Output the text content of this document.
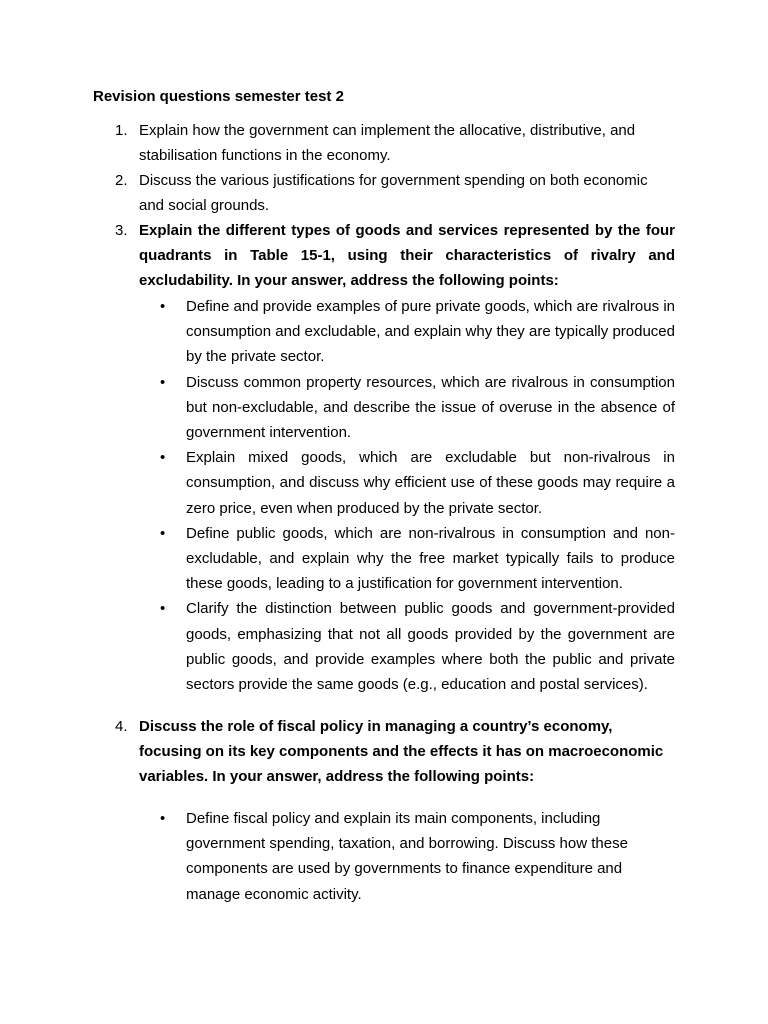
Revision questions semester test 2
1. Explain how the government can implement the allocative, distributive, and stabilisation functions in the economy.
2. Discuss the various justifications for government spending on both economic and social grounds.
3. Explain the different types of goods and services represented by the four quadrants in Table 15-1, using their characteristics of rivalry and excludability. In your answer, address the following points:
• Define and provide examples of pure private goods, which are rivalrous in consumption and excludable, and explain why they are typically produced by the private sector.
• Discuss common property resources, which are rivalrous in consumption but non-excludable, and describe the issue of overuse in the absence of government intervention.
• Explain mixed goods, which are excludable but non-rivalrous in consumption, and discuss why efficient use of these goods may require a zero price, even when produced by the private sector.
• Define public goods, which are non-rivalrous in consumption and non-excludable, and explain why the free market typically fails to produce these goods, leading to a justification for government intervention.
• Clarify the distinction between public goods and government-provided goods, emphasizing that not all goods provided by the government are public goods, and provide examples where both the public and private sectors provide the same goods (e.g., education and postal services).
4. Discuss the role of fiscal policy in managing a country’s economy, focusing on its key components and the effects it has on macroeconomic variables. In your answer, address the following points:
• Define fiscal policy and explain its main components, including government spending, taxation, and borrowing. Discuss how these components are used by governments to finance expenditure and manage economic activity.
